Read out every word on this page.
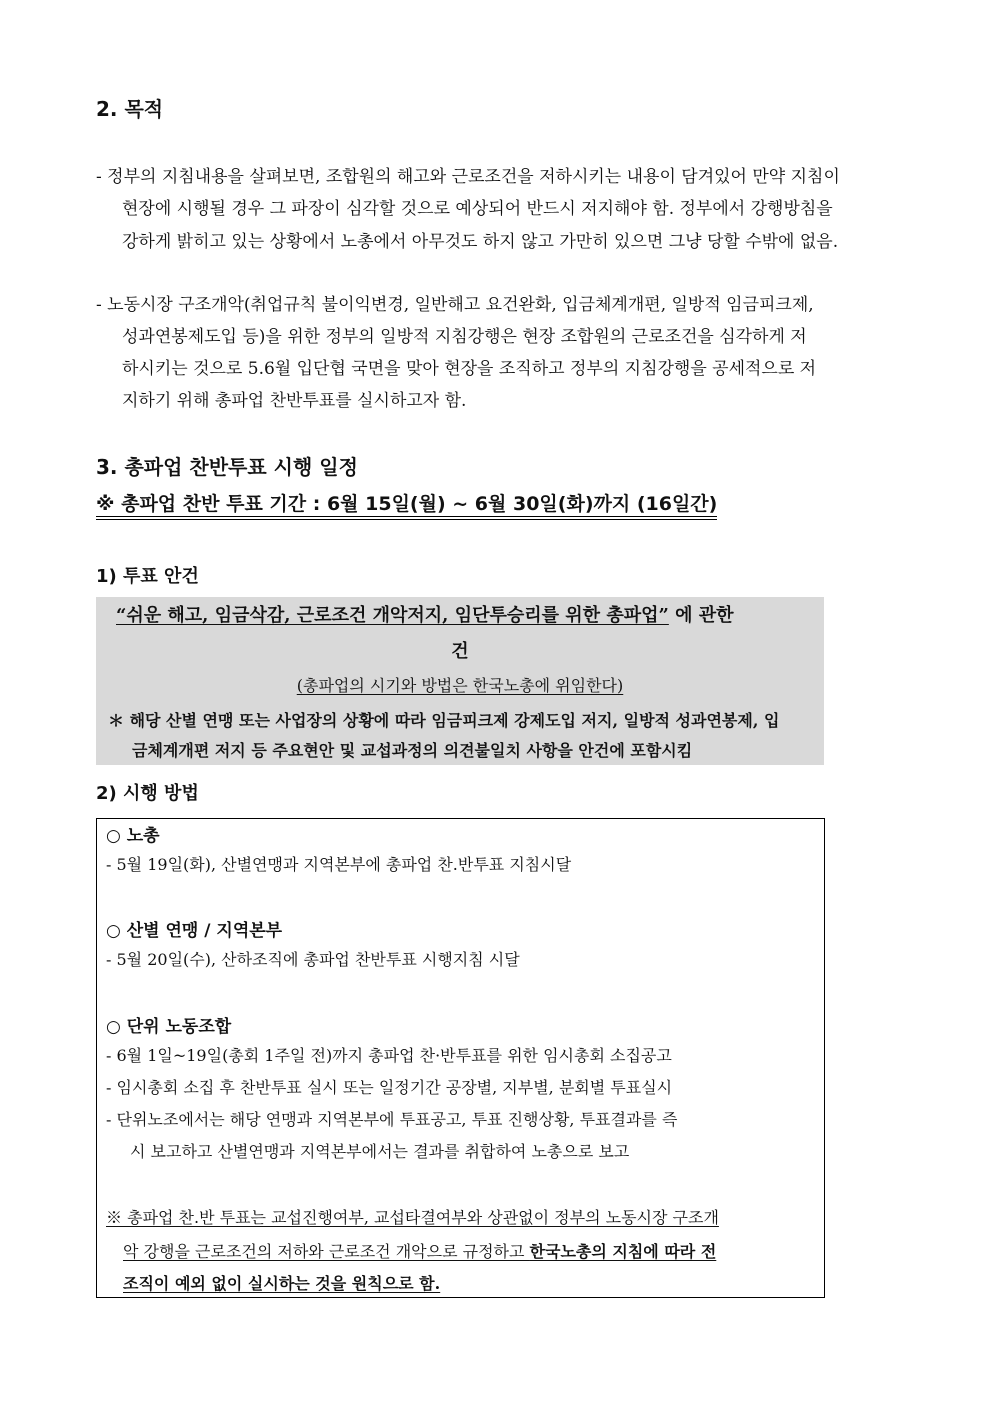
2. 목적
- 정부의 지침내용을 살펴보면, 조합원의 해고와 근로조건을 저하시키는 내용이 담겨있어 만약 지침이
현장에 시행될 경우 그 파장이 심각할 것으로 예상되어 반드시 저지해야 함. 정부에서 강행방침을
강하게 밝히고 있는 상황에서 노총에서 아무것도 하지 않고 가만히 있으면 그냥 당할 수밖에 없음.
- 노동시장 구조개악(취업규칙 불이익변경, 일반해고 요건완화, 입금체계개편, 일방적 임금피크제,
성과연봉제도입 등)을 위한 정부의 일방적 지침강행은 현장 조합원의 근로조건을 심각하게 저
하시키는 것으로 5.6월 입단협 국면을 맞아 현장을 조직하고 정부의 지침강행을 공세적으로 저
지하기 위해 총파업 찬반투표를 실시하고자 함.
3. 총파업 찬반투표 시행 일정
※ 총파업 찬반 투표 기간 : 6월 15일(월) ~ 6월 30일(화)까지 (16일간)
1) 투표 안건
“쉬운 해고, 임금삭감, 근로조건 개악저지, 임단투승리를 위한 총파업” 에 관한
건
(총파업의 시기와 방법은 한국노총에 위임한다)
＊ 해당 산별 연맹 또는 사업장의 상황에 따라 임금피크제 강제도입 저지, 일방적 성과연봉제, 입
금체계개편 저지 등 주요현안 및 교섭과정의 의견불일치 사항을 안건에 포함시킴
2) 시행 방법
○ 노총
- 5월 19일(화), 산별연맹과 지역본부에 총파업 찬.반투표 지침시달
○ 산별 연맹 / 지역본부
- 5월 20일(수), 산하조직에 총파업 찬반투표 시행지침 시달
○ 단위 노동조합
- 6월 1일~19일(총회 1주일 전)까지 총파업 찬·반투표를 위한 임시총회 소집공고
- 임시총회 소집 후 찬반투표 실시 또는 일정기간 공장별, 지부별, 분회별 투표실시
- 단위노조에서는 해당 연맹과 지역본부에 투표공고, 투표 진행상황, 투표결과를 즉
시 보고하고 산별연맹과 지역본부에서는 결과를 취합하여 노총으로 보고
※ 총파업 찬.반 투표는 교섭진행여부, 교섭타결여부와 상관없이 정부의 노동시장 구조개
악 강행을 근로조건의 저하와 근로조건 개악으로 규정하고 한국노총의 지침에 따라 전
조직이 예외 없이 실시하는 것을 원칙으로 함.
